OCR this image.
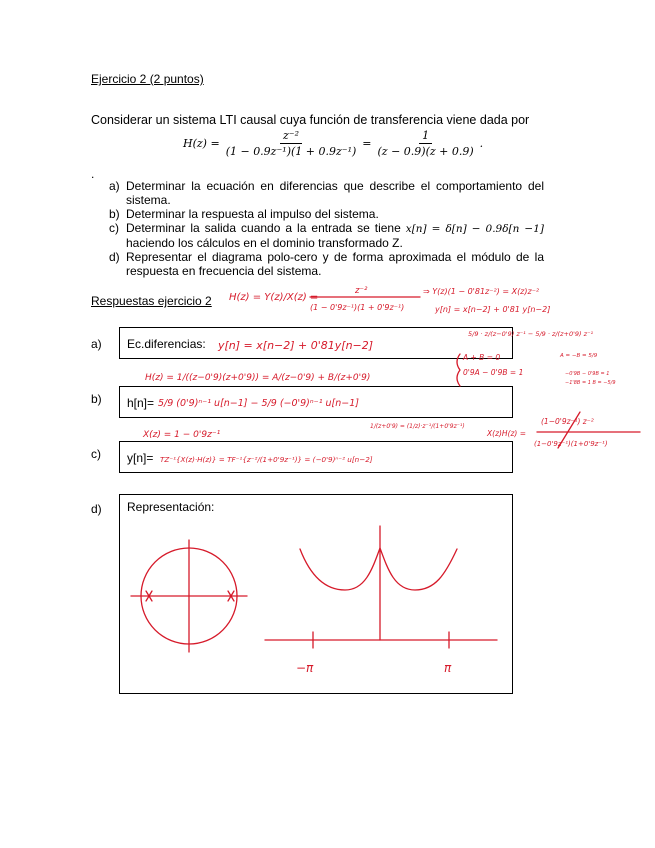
Ejercicio 2 (2 puntos)
Considerar un sistema LTI causal cuya función de transferencia viene dada por
$H(z) = \frac{\text{z⁻²}}{\text{(1 − 0.9z⁻¹)(1 + 0.9z⁻¹)}} = \frac{1}{(z - 0.9)(z + 0.9)}$ .
.
a) Determinar la ecuación en diferencias que describe el comportamiento del sistema.
b) Determinar la respuesta al impulso del sistema.
c) Determinar la salida cuando a la entrada se tiene x[n] = δ[n] − 0.9δ[n −1] haciendo los cálculos en el dominio transformado Z.
d) Representar el diagrama polo-cero y de forma aproximada el módulo de la respuesta en frecuencia del sistema.
Respuestas ejercicio 2
a) Ec.diferencias:
b) h[n]=
c) y[n]=
d) Representación:
H(z) = Y(z)/X(z) =
z⁻²
(1 − 0'9z⁻¹)(1 + 0'9z⁻¹)
⇒ Y(z)(1 − 0'81z⁻²) = X(z)z⁻²
y[n] = x[n−2] + 0'81 y[n−2]
y[n] = x[n−2] + 0'81y[n−2]
5/9 · z/(z−0'9) z⁻¹ − 5/9 · z/(z+0'9) z⁻¹
A + B = 0
0'9A − 0'9B = 1
A = −B = 5/9
−0'9B − 0'9B = 1
−1'8B = 1 B = −5/9
H(z) = 1/((z−0'9)(z+0'9)) = A/(z−0'9) + B/(z+0'9)
5/9 (0'9)ⁿ⁻¹ u[n−1] − 5/9 (−0'9)ⁿ⁻¹ u[n−1]
X(z) = 1 − 0'9z⁻¹
1/(z+0'9) = (1/z)·z⁻¹/(1+0'9z⁻¹)
X(z)H(z) =
(1−0'9z⁻¹) z⁻²
(1−0'9z⁻¹)(1+0'9z⁻¹)
TZ⁻¹{X(z)·H(z)} = TF⁻¹{z⁻²/(1+0'9z⁻¹)} = (−0'9)ⁿ⁻² u[n−2]
−π	π
